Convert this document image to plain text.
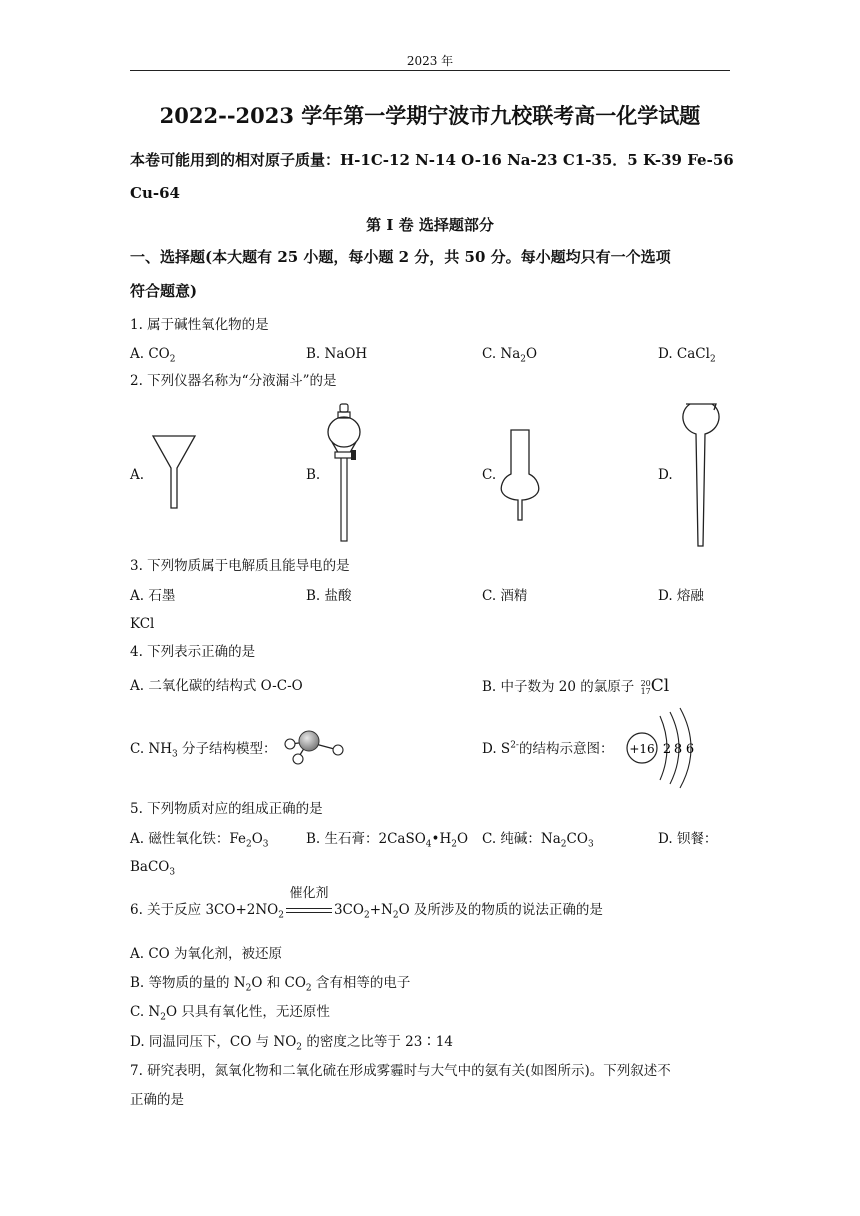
2023 年
2022--2023 学年第一学期宁波市九校联考高一化学试题
本卷可能用到的相对原子质量：H-1C-12 N-14 O-16 Na-23 C1-35．5 K-39 Fe-56
Cu-64
第 I 卷 选择题部分
一、选择题(本大题有 25 小题，每小题 2 分，共 50 分。每小题均只有一个选项
符合题意)
1. 属于碱性氧化物的是
A. $CO_2$	B. NaOH	C. $Na_2O$	D. CaCl$_2$
2. 下列仪器名称为“分液漏斗”的是
A.	B.	C.	D.
3. 下列物质属于电解质且能导电的是
A. 石墨	B. 盐酸	C. 酒精	D. 熔融
KCl
4. 下列表示正确的是
A. 二氧化碳的结构式 O-C-O	B. 中子数为 20 的氯原子 20
17 Cl
C. $NH_3$ 分子结构模型：	D. $S^{2-}$的结构示意图： +16 2 8 6
5. 下列物质对应的组成正确的是
A. 磁性氧化铁：$Fe_2O_3$	B. 生石膏：$2CaSO_4•H_2O$ C. 纯碱：$Na_2CO_3$	D. 钡餐：
BaCO$_3$
6. 关于反应 $3CO+2NO_2$
催化剂
$3CO_2+N_2O$ 及所涉及的物质的说法正确的是
A. CO 为氧化剂，被还原
B. 等物质的量的 $N_2O$ 和 $CO_2$ 含有相等的电子
C. $N_2O$ 只具有氧化性，无还原性
D. 同温同压下，CO 与 $NO_2$ 的密度之比等于 23∶14
7. 研究表明，氮氧化物和二氧化硫在形成雾霾时与大气中的氨有关(如图所示)。下列叙述不
正确的是
